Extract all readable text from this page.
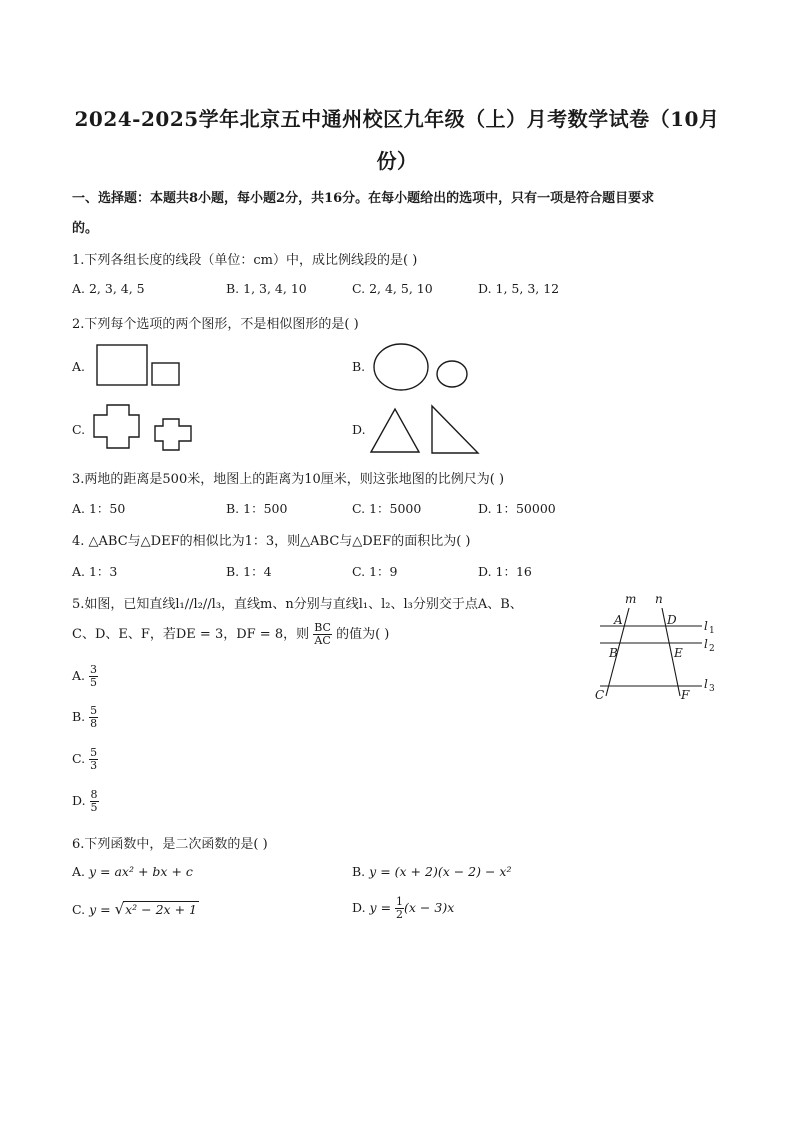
2024-2025学年北京五中通州校区九年级（上）月考数学试卷（10月
份）
一、选择题：本题共8小题，每小题2分，共16分。在每小题给出的选项中，只有一项是符合题目要求
的。
1.下列各组长度的线段（单位：cm）中，成比例线段的是( )
A. 2, 3, 4, 5	B. 1, 3, 4, 10	C. 2, 4, 5, 10	D. 1, 5, 3, 12
2.下列每个选项的两个图形，不是相似图形的是( )
A.	B.
C.	D.
3.两地的距离是500米，地图上的距离为10厘米，则这张地图的比例尺为( )
A. 1：50	B. 1：500	C. 1：5000	D. 1：50000
4. △ABC与△DEF的相似比为1：3，则△ABC与△DEF的面积比为( )
A. 1：3	B. 1：4	C. 1：9	D. 1：16
5.如图，已知直线l₁//l₂//l₃，直线m、n分别与直线l₁、l₂、l₃分别交于点A、B、
C、D、E、F，若DE = 3，DF = 8，则 $\frac{BC}{AC}$ 的值为( )
A. $\frac{3}{5}$
B. $\frac{5}{8}$
C. $\frac{5}{3}$
D. $\frac{8}{5}$
m n
A	D
B	E
C	F
l 1
l 2
l 3
6.下列函数中，是二次函数的是( )
A. y = ax² + bx + c	B. y = (x + 2)(x − 2) − x²
C. y = √x² − 2x + 1	D. $y = \frac{1}{2} (x - 3)x$
